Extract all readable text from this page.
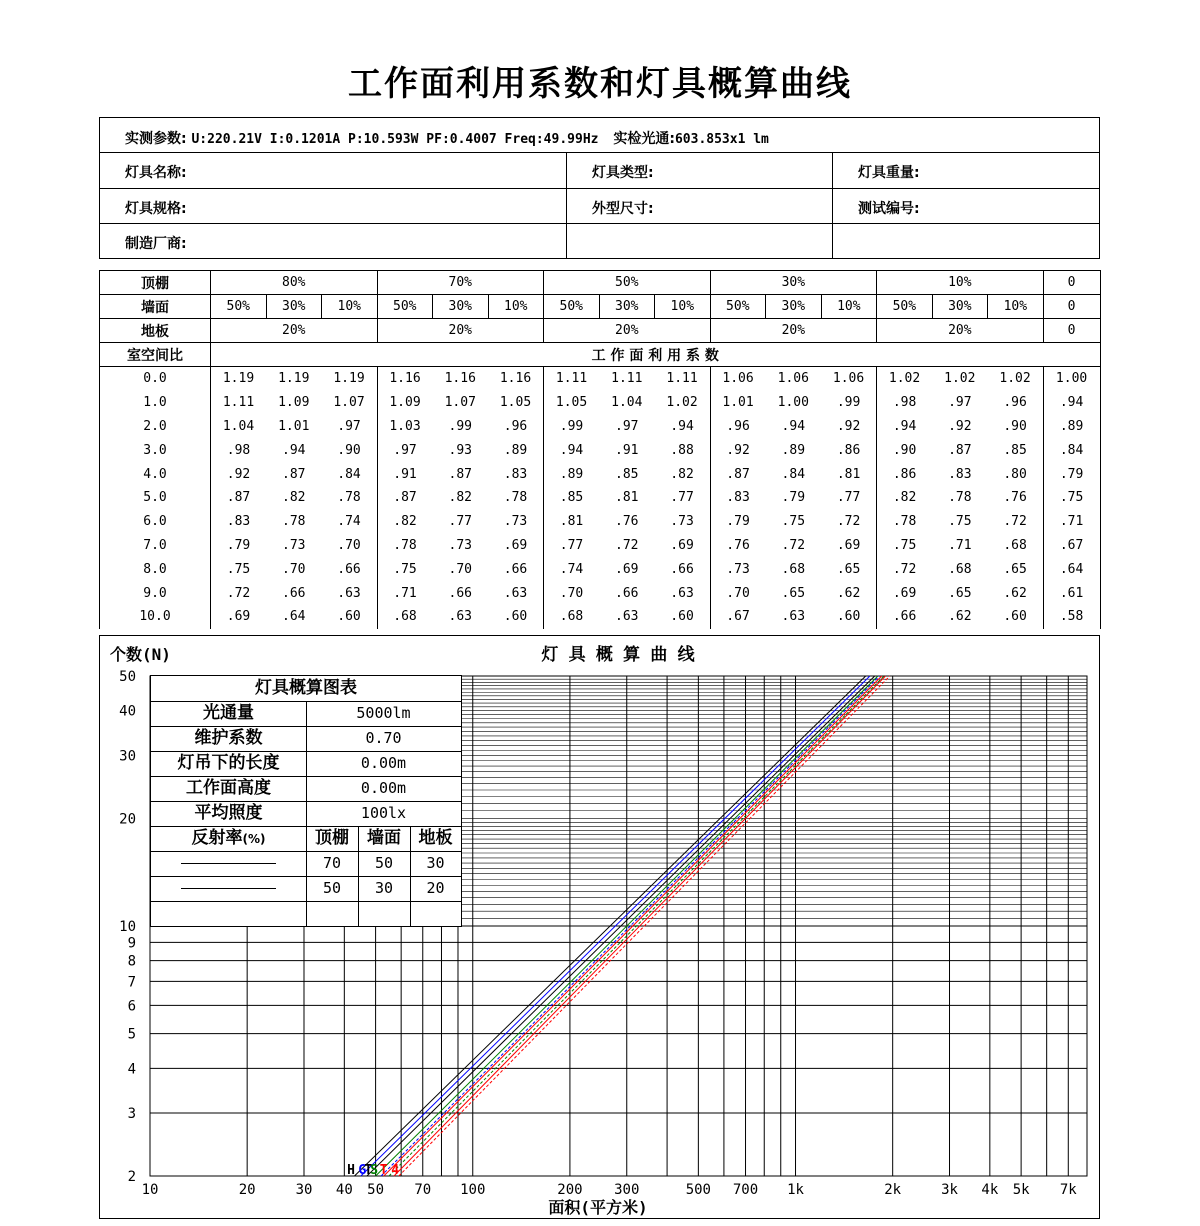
工作面利用系数和灯具概算曲线
实测参数: U:220.21V I:0.1201A P:10.593W PF:0.4007 Freq:49.99Hz 实检光通:603.853x1 lm
灯具名称:	灯具类型:	灯具重量:
灯具规格:	外型尺寸:	测试编号:
制造厂商:
顶棚	80%			70%			50%			30%			10%			0
墙面	50%	30%	10%	50%	30%	10%	50%	30%	10%	50%	30%	10%	50%	30%	10%	0
地板	20%			20%			20%			20%			20%			0
室空间比	工 作 面 利 用 系 数															
0.0	1.19	1.19	1.19	1.16	1.16	1.16	1.11	1.11	1.11	1.06	1.06	1.06	1.02	1.02	1.02	1.00
1.0	1.11	1.09	1.07	1.09	1.07	1.05	1.05	1.04	1.02	1.01	1.00	.99	.98	.97	.96	.94
2.0	1.04	1.01	.97	1.03	.99	.96	.99	.97	.94	.96	.94	.92	.94	.92	.90	.89
3.0	.98	.94	.90	.97	.93	.89	.94	.91	.88	.92	.89	.86	.90	.87	.85	.84
4.0	.92	.87	.84	.91	.87	.83	.89	.85	.82	.87	.84	.81	.86	.83	.80	.79
5.0	.87	.82	.78	.87	.82	.78	.85	.81	.77	.83	.79	.77	.82	.78	.76	.75
6.0	.83	.78	.74	.82	.77	.73	.81	.76	.73	.79	.75	.72	.78	.75	.72	.71
7.0	.79	.73	.70	.78	.73	.69	.77	.72	.69	.76	.72	.69	.75	.71	.68	.67
8.0	.75	.70	.66	.75	.70	.66	.74	.69	.66	.73	.68	.65	.72	.68	.65	.64
9.0	.72	.66	.63	.71	.66	.63	.70	.66	.63	.70	.65	.62	.69	.65	.62	.61
10.0	.69	.64	.60	.68	.63	.60	.68	.63	.60	.67	.63	.60	.66	.62	.60	.58
H G
T
S T 4
10	20	30 40 50 70 100	200 300	500 700 1k	2k	3k 4k 5k 7k
2
3
4
5
6
7
8
9
10
20
30
40
50
个数(N)	灯 具 概 算 曲 线
面积(平方米)
灯具概算图表
光通量	5000lm
维护系数	0.70
灯吊下的长度	0.00m
工作面高度	0.00m
平均照度	100lx
反射率(%)	顶棚	墙面	地板
70	50	30
50	30	20
